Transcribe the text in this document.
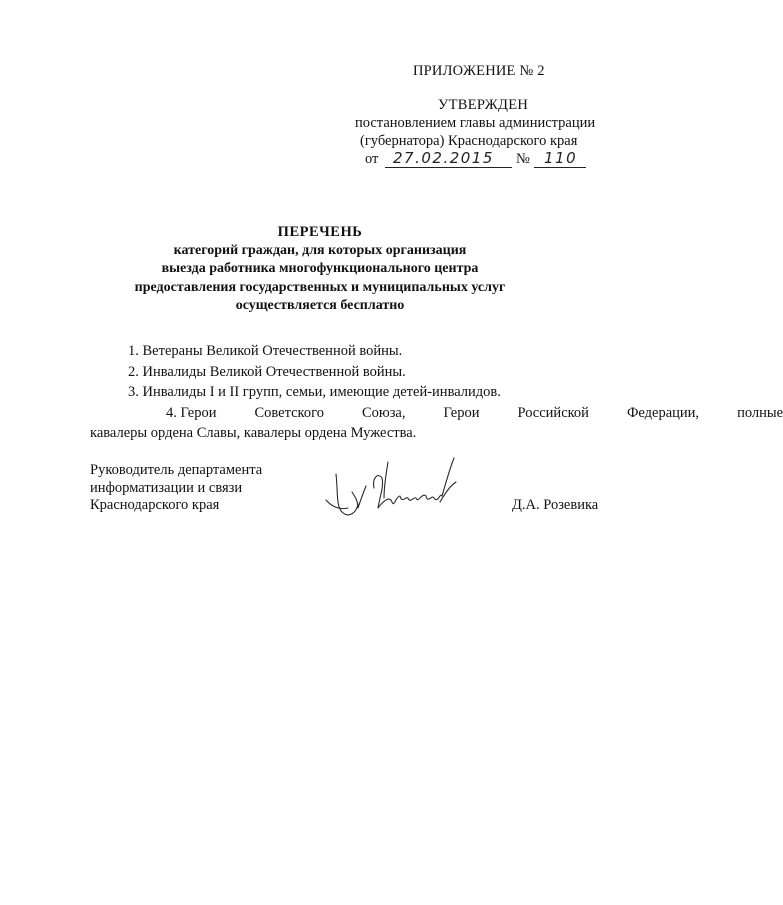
ПРИЛОЖЕНИЕ № 2
УТВЕРЖДЕН
постановлением главы администрации
(губернатора) Краснодарского края
от 27.02.2015 № 110
ПЕРЕЧЕНЬ
категорий граждан, для которых организация
выезда работника многофункционального центра
предоставления государственных и муниципальных услуг
осуществляется бесплатно
1. Ветераны Великой Отечественной войны.
2. Инвалиды Великой Отечественной войны.
3. Инвалиды I и II групп, семьи, имеющие детей-инвалидов.
4. Герои	Советского	Союза,	Герои	Российской	Федерации,	полные
кавалеры ордена Славы, кавалеры ордена Мужества.
Руководитель департамента
информатизации и связи
Краснодарского края	Д.А. Розевика
